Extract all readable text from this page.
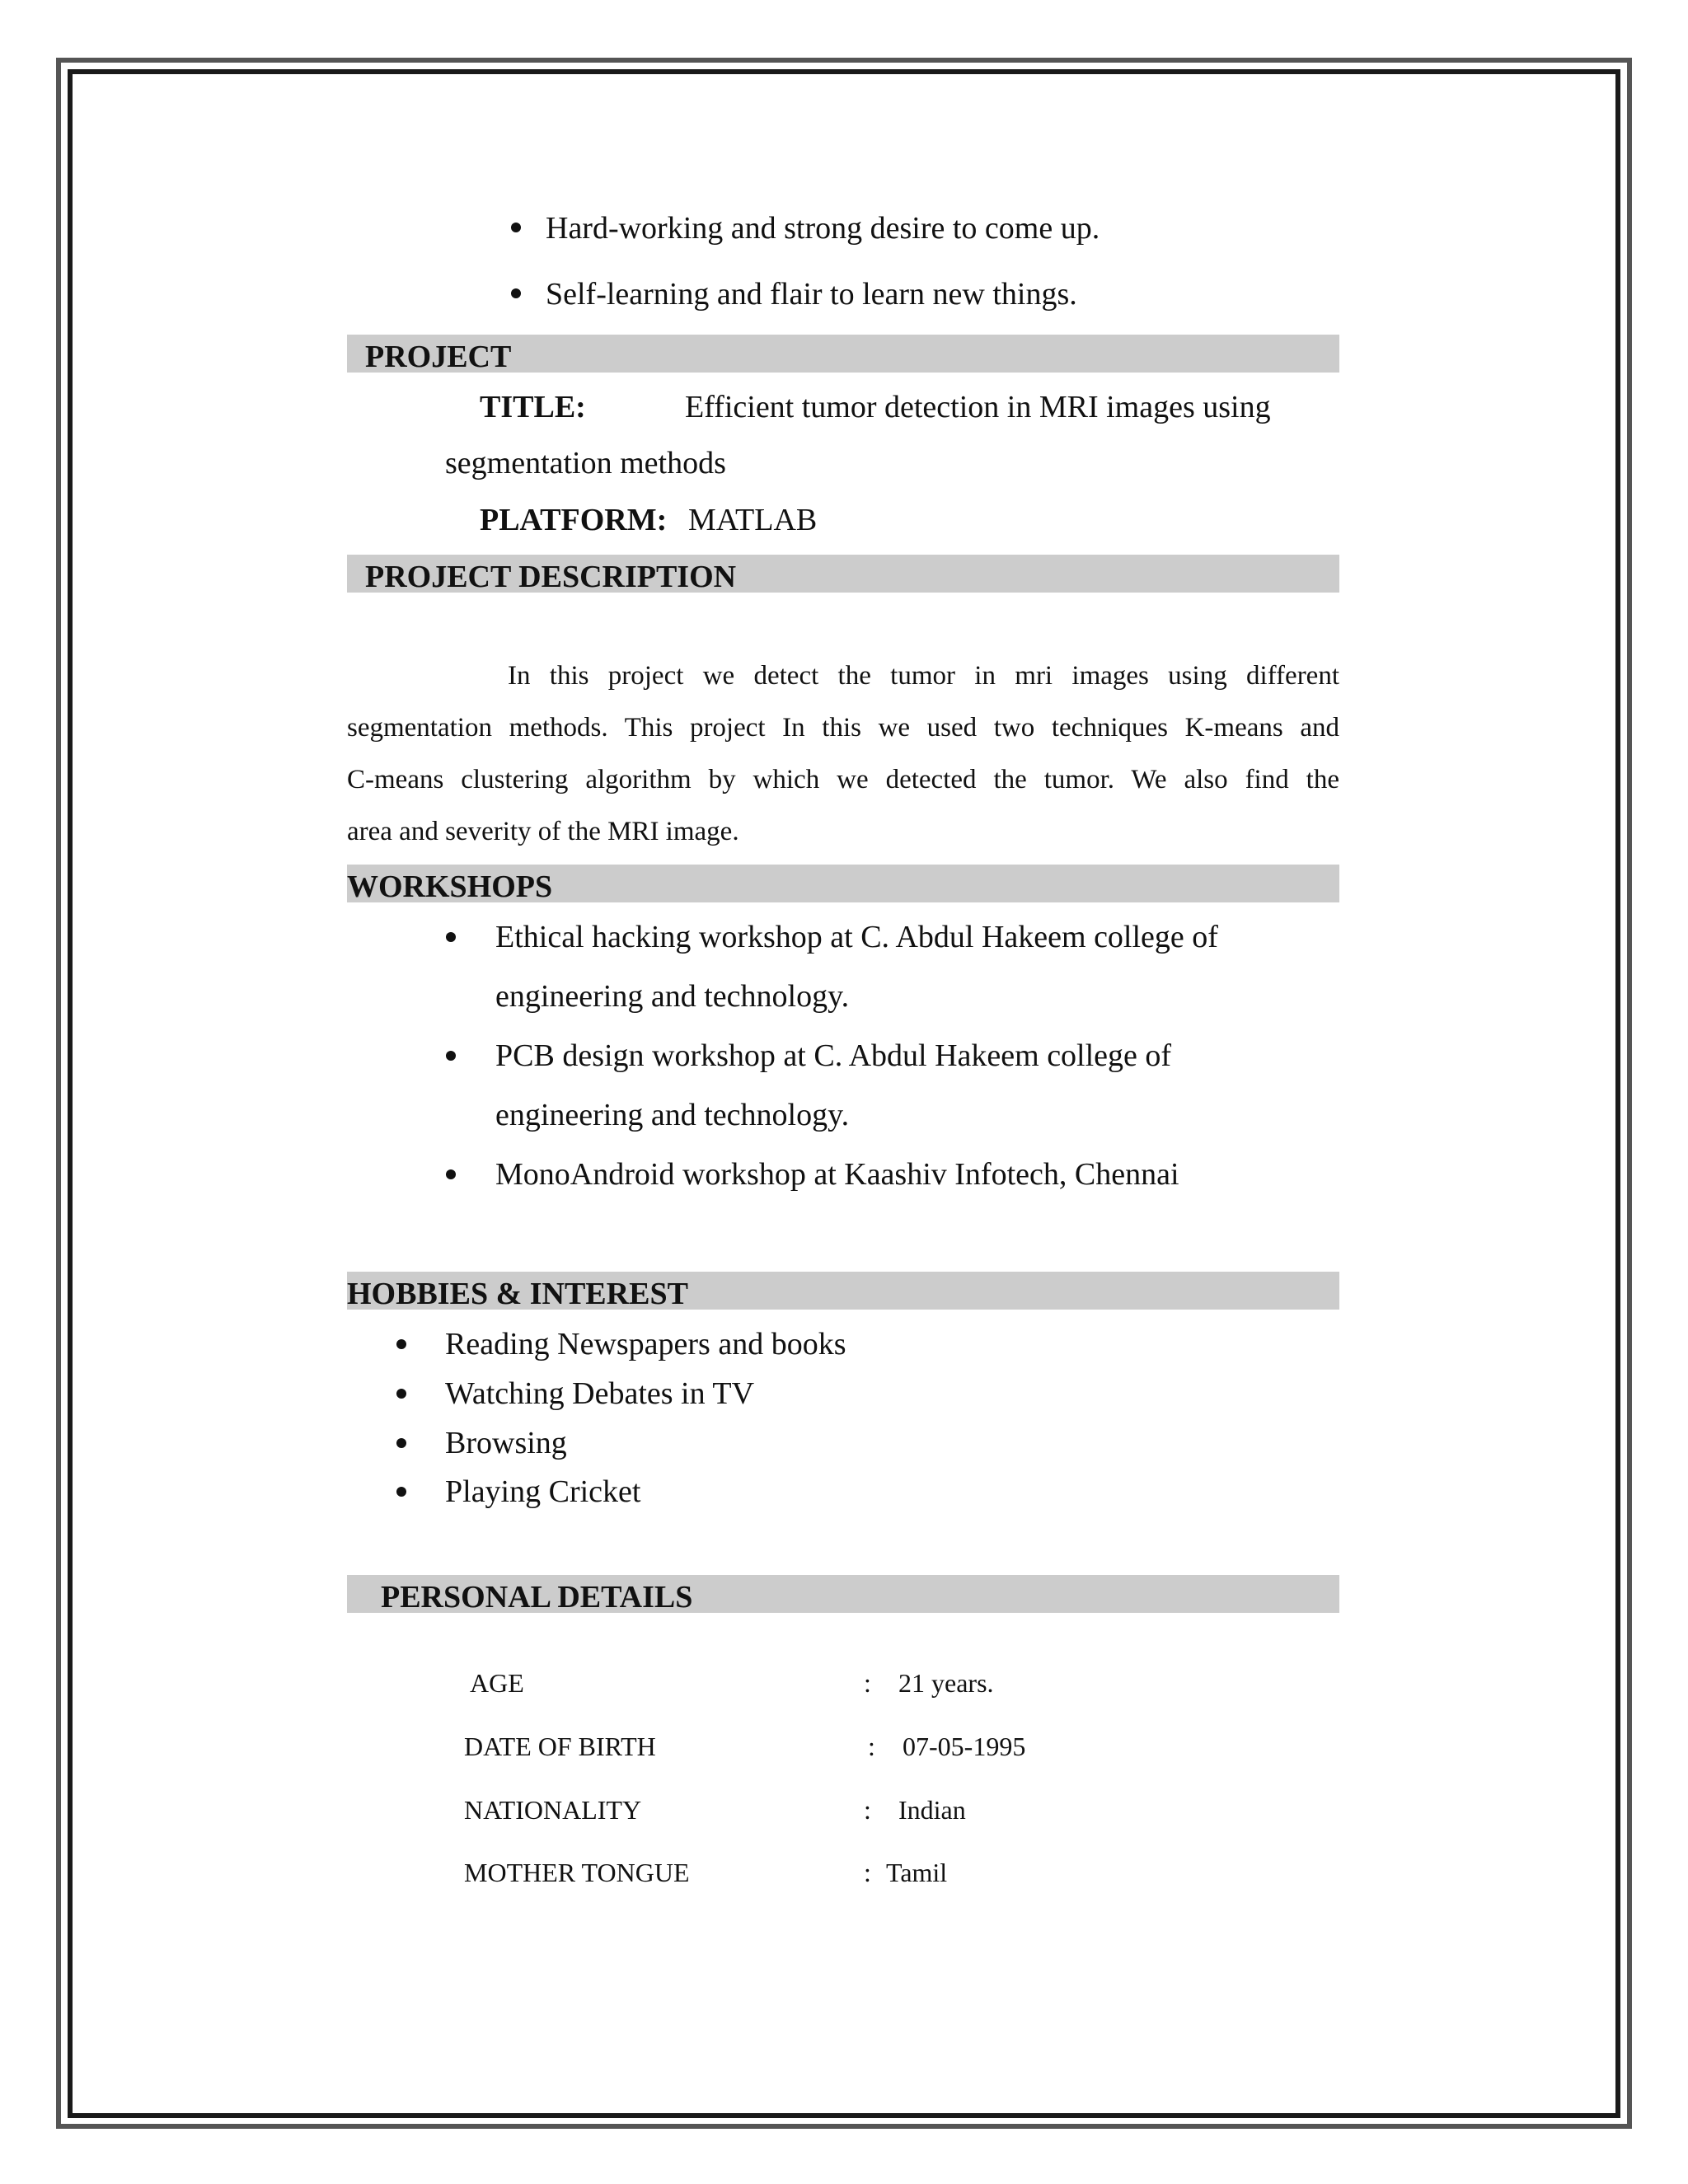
Hard-working and strong desire to come up.
Self-learning and flair to learn new things.
PROJECT
TITLE:	Efficient tumor detection in MRI images using
segmentation methods
PLATFORM: MATLAB
PROJECT DESCRIPTION
In this project we detect the tumor in mri images using different
segmentation methods. This project In this we used two techniques K-means and
C-means clustering algorithm by which we detected the tumor. We also find the
area and severity of the MRI image.
WORKSHOPS
Ethical hacking workshop at C. Abdul Hakeem college of
engineering and technology.
PCB design workshop at C. Abdul Hakeem college of
engineering and technology.
MonoAndroid workshop at Kaashiv Infotech, Chennai
HOBBIES & INTEREST
Reading Newspapers and books
Watching Debates in TV
Browsing
Playing Cricket
PERSONAL DETAILS
AGE	: 21 years.
DATE OF BIRTH	: 07-05-1995
NATIONALITY	: Indian
MOTHER TONGUE	: Tamil
